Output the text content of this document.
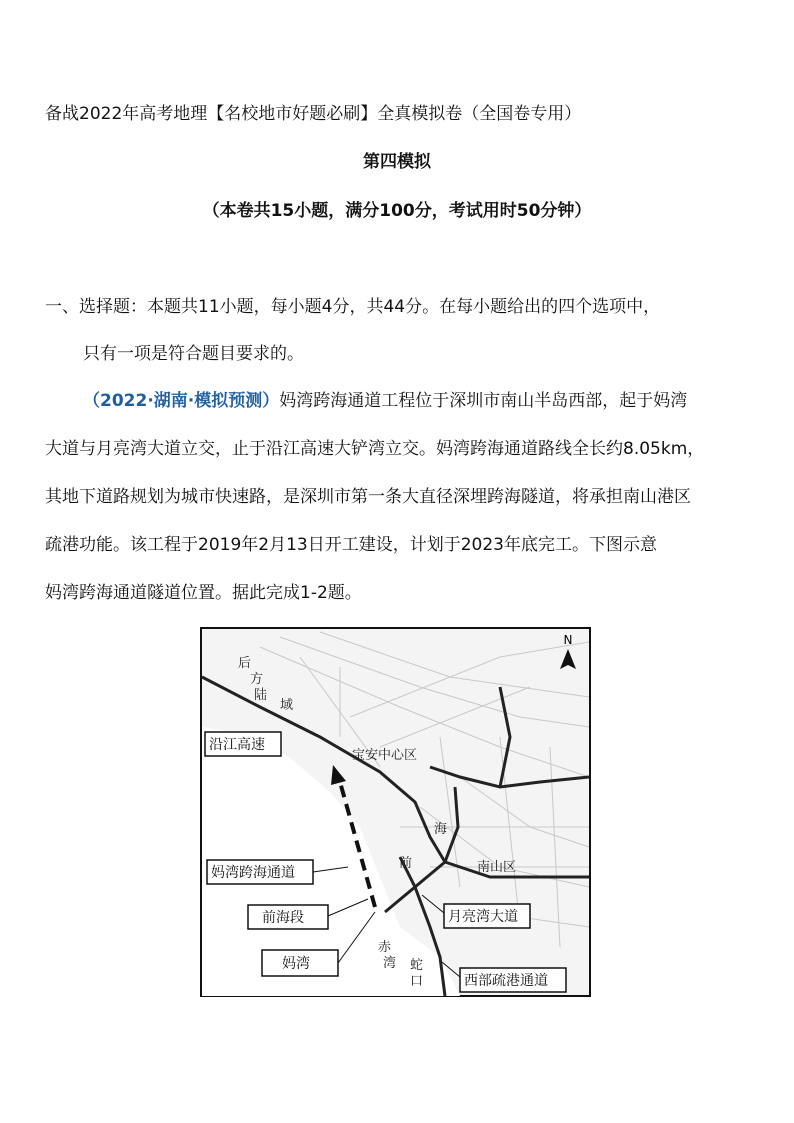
备战2022年高考地理【名校地市好题必刷】全真模拟卷（全国卷专用）
第四模拟
（本卷共15小题，满分100分，考试用时50分钟）
一、选择题：本题共11小题，每小题4分，共44分。在每小题给出的四个选项中，
只有一项是符合题目要求的。
（2022·湖南·模拟预测）妈湾跨海通道工程位于深圳市南山半岛西部，起于妈湾
大道与月亮湾大道立交，止于沿江高速大铲湾立交。妈湾跨海通道路线全长约8.05km，
其地下道路规划为城市快速路，是深圳市第一条大直径深埋跨海隧道，将承担南山港区
疏港功能。该工程于2019年2月13日开工建设，计划于2023年底完工。下图示意
妈湾跨海通道隧道位置。据此完成1-2题。
N
后
方
陆
域
宝安中心区
海
前	南山区
赤
湾 蛇
口
沿江高速
妈湾跨海通道
前海段
妈湾
月亮湾大道
西部疏港通道
